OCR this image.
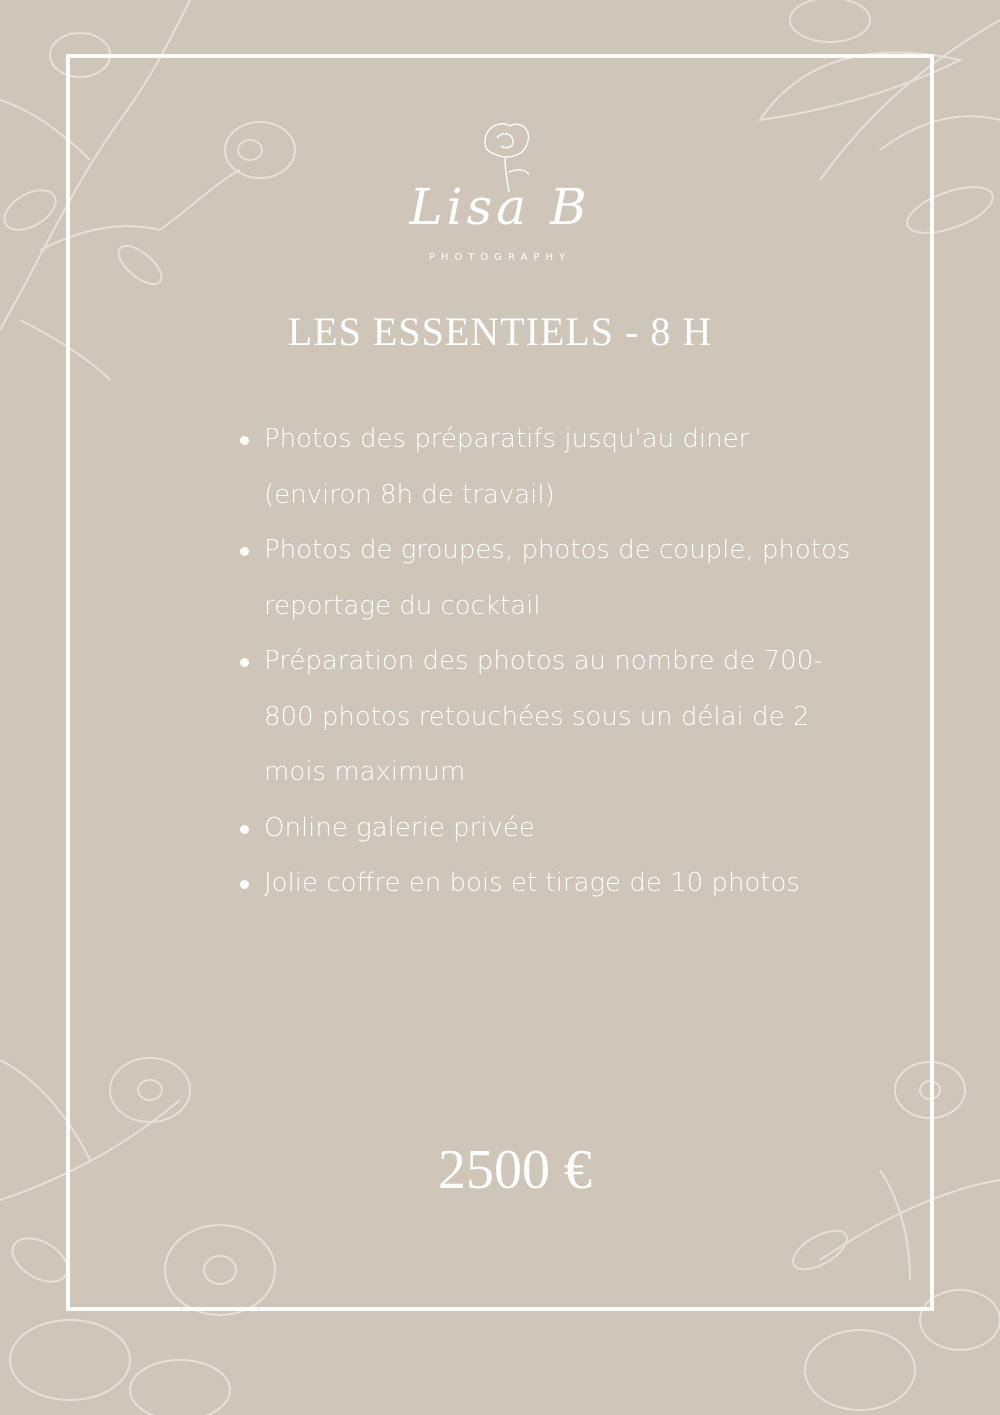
Lisa B
PHOTOGRAPHY
LES ESSENTIELS - 8 H
Photos des préparatifs jusqu'au diner (environ 8h de travail)
Photos de groupes, photos de couple, photos reportage du cocktail
Préparation des photos au nombre de 700-800 photos retouchées sous un délai de 2 mois maximum
Online galerie privée
Jolie coffre en bois et tirage de 10 photos
2500 €
